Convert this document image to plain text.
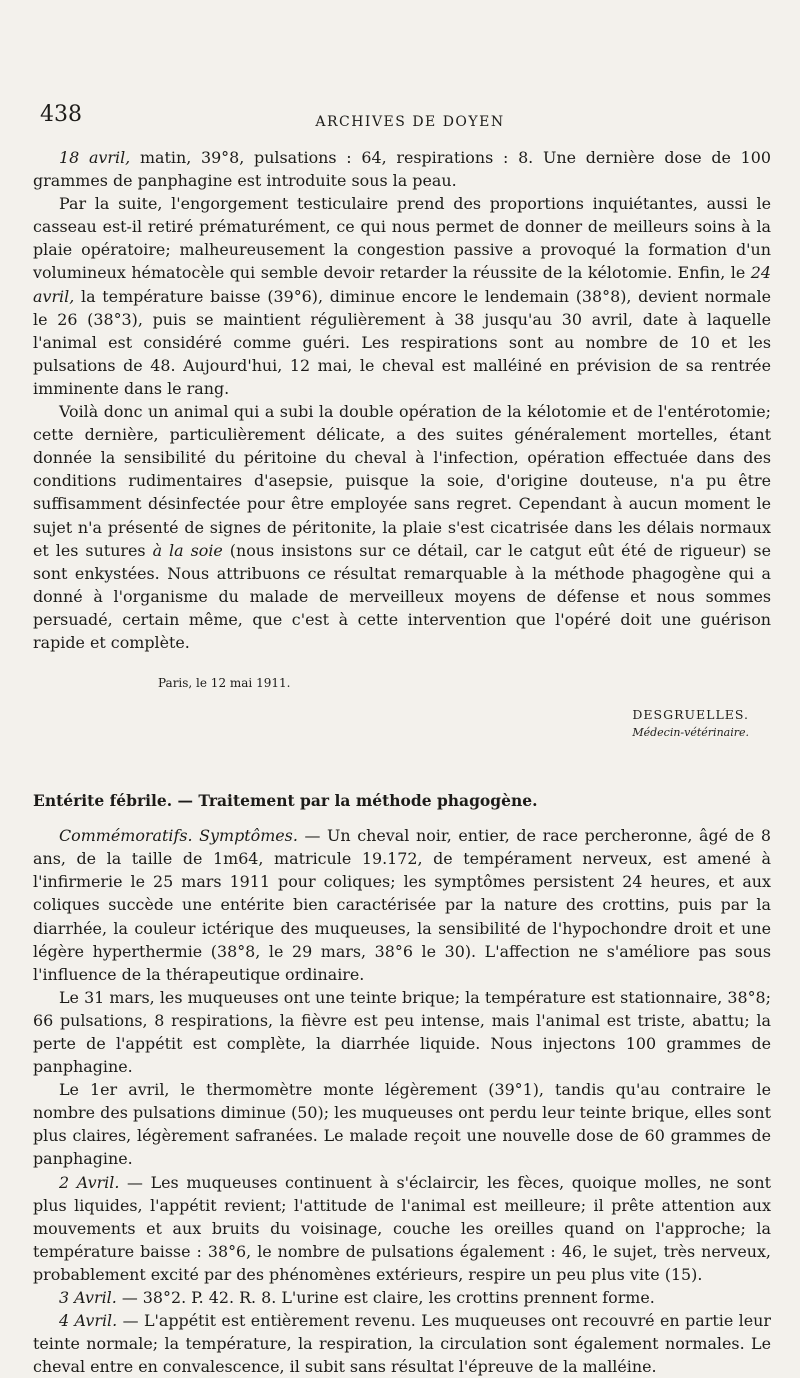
438	ARCHIVES DE DOYEN

18 avril, matin, 39°8, pulsations : 64, respirations : 8. Une dernière dose de 100 grammes de panphagine est introduite sous la peau.

Par la suite, l'engorgement testiculaire prend des proportions inquiétantes, aussi le casseau est-il retiré prématurément, ce qui nous permet de donner de meilleurs soins à la plaie opératoire; malheureusement la congestion passive a provoqué la formation d'un volumineux hématocèle qui semble devoir retarder la réussite de la kélotomie. Enfin, le 24 avril, la température baisse (39°6), diminue encore le lendemain (38°8), devient normale le 26 (38°3), puis se maintient régulièrement à 38 jusqu'au 30 avril, date à laquelle l'animal est considéré comme guéri. Les respirations sont au nombre de 10 et les pulsations de 48. Aujourd'hui, 12 mai, le cheval est malléiné en prévision de sa rentrée imminente dans le rang.

Voilà donc un animal qui a subi la double opération de la kélotomie et de l'entérotomie; cette dernière, particulièrement délicate, a des suites généralement mortelles, étant donnée la sensibilité du péritoine du cheval à l'infection, opération effectuée dans des conditions rudimentaires d'asepsie, puisque la soie, d'origine douteuse, n'a pu être suffisamment désinfectée pour être employée sans regret. Cependant à aucun moment le sujet n'a présenté de signes de péritonite, la plaie s'est cicatrisée dans les délais normaux et les sutures à la soie (nous insistons sur ce détail, car le catgut eût été de rigueur) se sont enkystées. Nous attribuons ce résultat remarquable à la méthode phagogène qui a donné à l'organisme du malade de merveilleux moyens de défense et nous sommes persuadé, certain même, que c'est à cette intervention que l'opéré doit une guérison rapide et complète.

Paris, le 12 mai 1911.

DESGRUELLES.
Médecin-vétérinaire.
Entérite fébrile. — Traitement par la méthode phagogène.

Commémoratifs. Symptômes. — Un cheval noir, entier, de race percheronne, âgé de 8 ans, de la taille de 1m64, matricule 19.172, de tempérament nerveux, est amené à l'infirmerie le 25 mars 1911 pour coliques; les symptômes persistent 24 heures, et aux coliques succède une entérite bien caractérisée par la nature des crottins, puis par la diarrhée, la couleur ictérique des muqueuses, la sensibilité de l'hypochondre droit et une légère hyperthermie (38°8, le 29 mars, 38°6 le 30). L'affection ne s'améliore pas sous l'influence de la thérapeutique ordinaire.

Le 31 mars, les muqueuses ont une teinte brique; la température est stationnaire, 38°8; 66 pulsations, 8 respirations, la fièvre est peu intense, mais l'animal est triste, abattu; la perte de l'appétit est complète, la diarrhée liquide. Nous injectons 100 grammes de panphagine.

Le 1er avril, le thermomètre monte légèrement (39°1), tandis qu'au contraire le nombre des pulsations diminue (50); les muqueuses ont perdu leur teinte brique, elles sont plus claires, légèrement safranées. Le malade reçoit une nouvelle dose de 60 grammes de panphagine.

2 Avril. — Les muqueuses continuent à s'éclaircir, les fèces, quoique molles, ne sont plus liquides, l'appétit revient; l'attitude de l'animal est meilleure; il prête attention aux mouvements et aux bruits du voisinage, couche les oreilles quand on l'approche; la température baisse : 38°6, le nombre de pulsations également : 46, le sujet, très nerveux, probablement excité par des phénomènes extérieurs, respire un peu plus vite (15).

3 Avril. — 38°2. P. 42. R. 8. L'urine est claire, les crottins prennent forme.

4 Avril. — L'appétit est entièrement revenu. Les muqueuses ont recouvré en partie leur teinte normale; la température, la respiration, la circulation sont également normales. Le cheval entre en convalescence, il subit sans résultat l'épreuve de la malléine.
